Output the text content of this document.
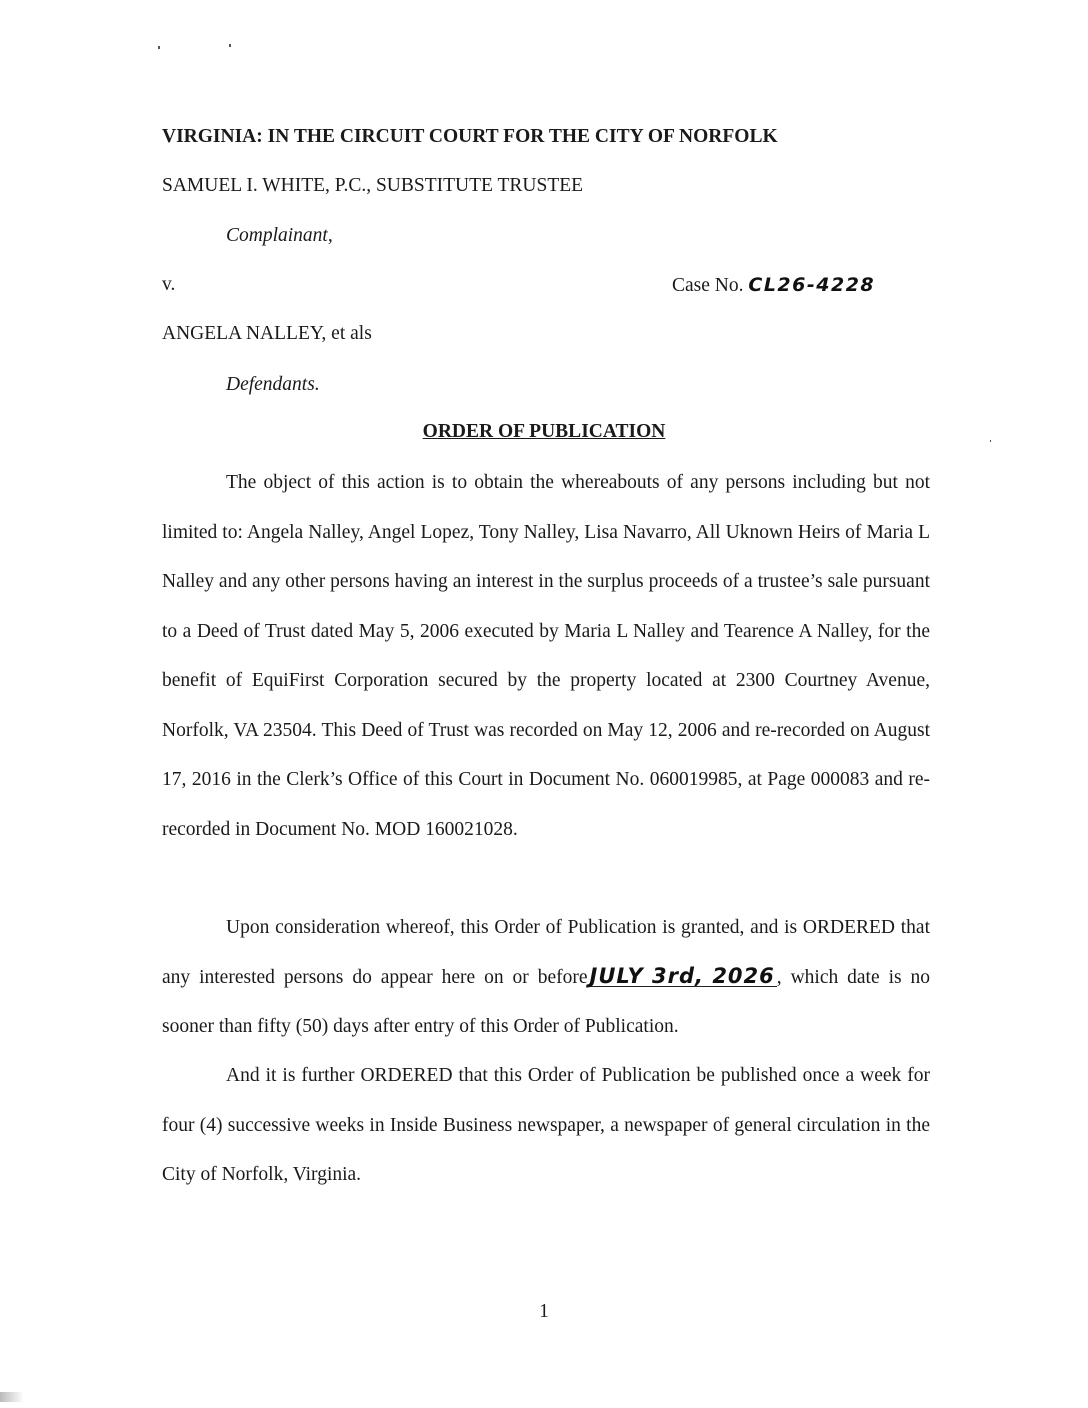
VIRGINIA: IN THE CIRCUIT COURT FOR THE CITY OF NORFOLK
SAMUEL I. WHITE, P.C., SUBSTITUTE TRUSTEE
Complainant,
v.	Case No. CL26-4228
ANGELA NALLEY, et als
Defendants.
ORDER OF PUBLICATION

The object of this action is to obtain the whereabouts of any persons including but not limited to: Angela Nalley, Angel Lopez, Tony Nalley, Lisa Navarro, All Uknown Heirs of Maria L Nalley and any other persons having an interest in the surplus proceeds of a trustee’s sale pursuant to a Deed of Trust dated May 5, 2006 executed by Maria L Nalley and Tearence A Nalley, for the benefit of EquiFirst Corporation secured by the property located at 2300 Courtney Avenue, Norfolk, VA 23504. This Deed of Trust was recorded on May 12, 2006 and re-recorded on August 17, 2016 in the Clerk’s Office of this Court in Document No. 060019985, at Page 000083 and re-recorded in Document No. MOD 160021028.

Upon consideration whereof, this Order of Publication is granted, and is ORDERED that any interested persons do appear here on or beforeJULY 3rd, 2026 , which date is no sooner than fifty (50) days after entry of this Order of Publication.

And it is further ORDERED that this Order of Publication be published once a week for four (4) successive weeks in Inside Business newspaper, a newspaper of general circulation in the City of Norfolk, Virginia.

1
